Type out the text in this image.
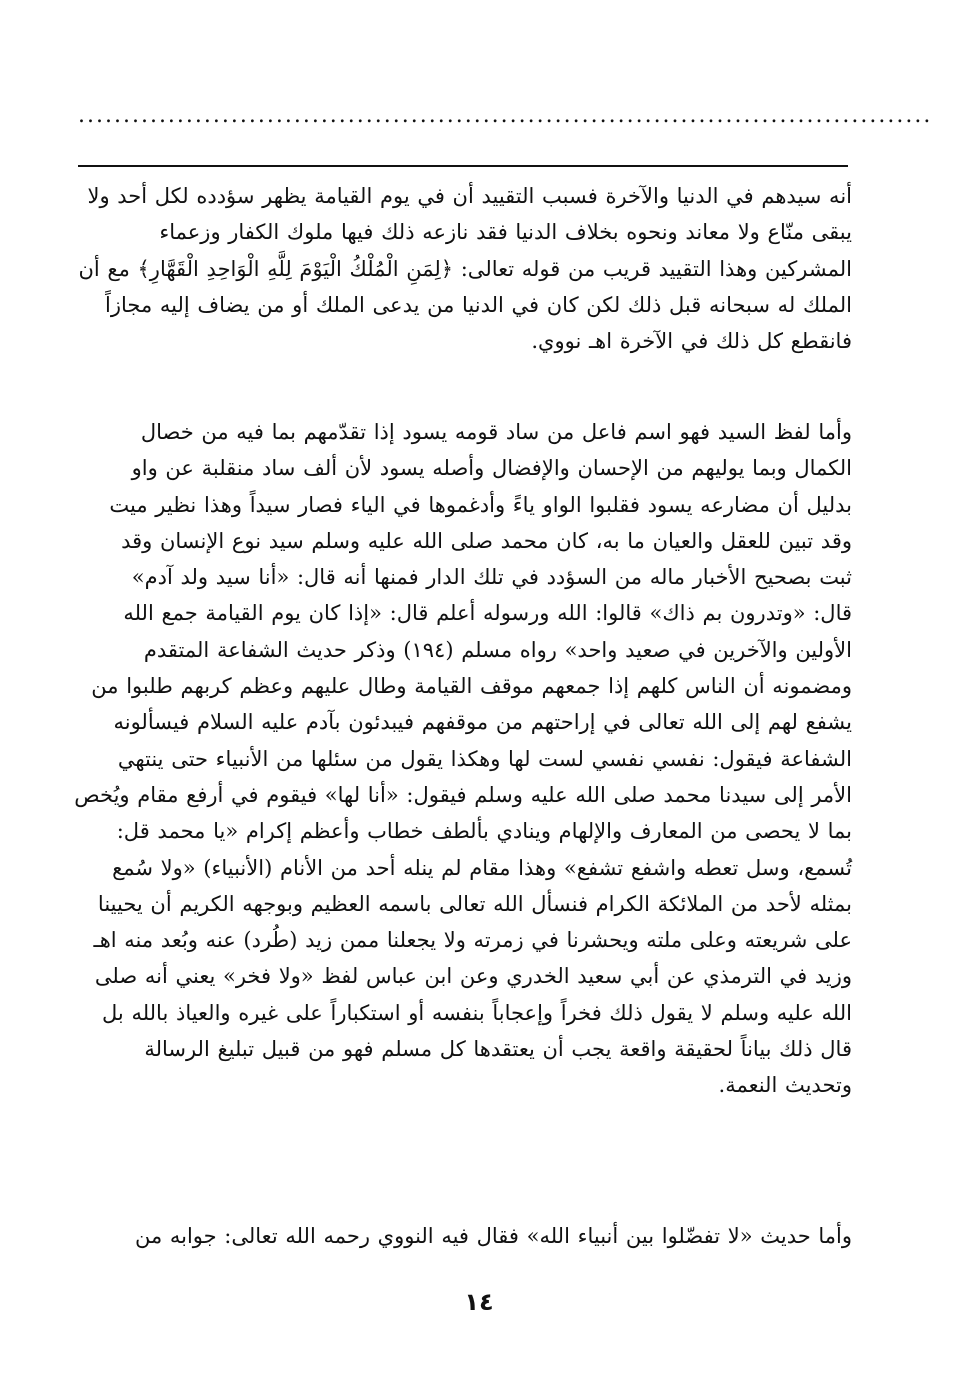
...............................................................................................
أنه سيدهم في الدنيا والآخرة فسبب التقييد أن في يوم القيامة يظهر سؤدده لكل أحد ولا
يبقى منّاع ولا معاند ونحوه بخلاف الدنيا فقد نازعه ذلك فيها ملوك الكفار وزعماء
المشركين وهذا التقييد قريب من قوله تعالى: ﴿لِمَنِ الْمُلْكُ الْيَوْمَ لِلَّهِ الْوَاحِدِ الْقَهَّارِ﴾ مع أن
الملك له سبحانه قبل ذلك لكن كان في الدنيا من يدعى الملك أو من يضاف إليه مجازاً
فانقطع كل ذلك في الآخرة اهـ نووي.
وأما لفظ السيد فهو اسم فاعل من ساد قومه يسود إذا تقدّمهم بما فيه من خصال
الكمال وبما يوليهم من الإحسان والإفضال وأصله يسود لأن ألف ساد منقلبة عن واو
بدليل أن مضارعه يسود فقلبوا الواو ياءً وأدغموها في الياء فصار سيداً وهذا نظير ميت
وقد تبين للعقل والعيان ما به، كان محمد صلى الله عليه وسلم سيد نوع الإنسان وقد
ثبت بصحيح الأخبار ماله من السؤدد في تلك الدار فمنها أنه قال: «أنا سيد ولد آدم»
قال: «وتدرون بم ذاك» قالوا: الله ورسوله أعلم قال: «إذا كان يوم القيامة جمع الله
الأولين والآخرين في صعيد واحد» رواه مسلم (١٩٤) وذكر حديث الشفاعة المتقدم
ومضمونه أن الناس كلهم إذا جمعهم موقف القيامة وطال عليهم وعظم كربهم طلبوا من
يشفع لهم إلى الله تعالى في إراحتهم من موقفهم فيبدئون بآدم عليه السلام فيسألونه
الشفاعة فيقول: نفسي نفسي لست لها وهكذا يقول من سئلها من الأنبياء حتى ينتهي
الأمر إلى سيدنا محمد صلى الله عليه وسلم فيقول: «أنا لها» فيقوم في أرفع مقام ويُخص
بما لا يحصى من المعارف والإلهام وينادي بألطف خطاب وأعظم إكرام «يا محمد قل:
تُسمع، وسل تعطه واشفع تشفع» وهذا مقام لم ينله أحد من الأنام (الأنبياء) «ولا سُمع
بمثله لأحد من الملائكة الكرام فنسأل الله تعالى باسمه العظيم وبوجهه الكريم أن يحيينا
على شريعته وعلى ملته ويحشرنا في زمرته ولا يجعلنا ممن زيد (طُرد) عنه وبُعد منه اهـ
وزيد في الترمذي عن أبي سعيد الخدري وعن ابن عباس لفظ «ولا فخر» يعني أنه صلى
الله عليه وسلم لا يقول ذلك فخراً وإعجاباً بنفسه أو استكباراً على غيره والعياذ بالله بل
قال ذلك بياناً لحقيقة واقعة يجب أن يعتقدها كل مسلم فهو من قبيل تبليغ الرسالة
وتحديث النعمة.
وأما حديث «لا تفضّلوا بين أنبياء الله» فقال فيه النووي رحمه الله تعالى: جوابه من
١٤
